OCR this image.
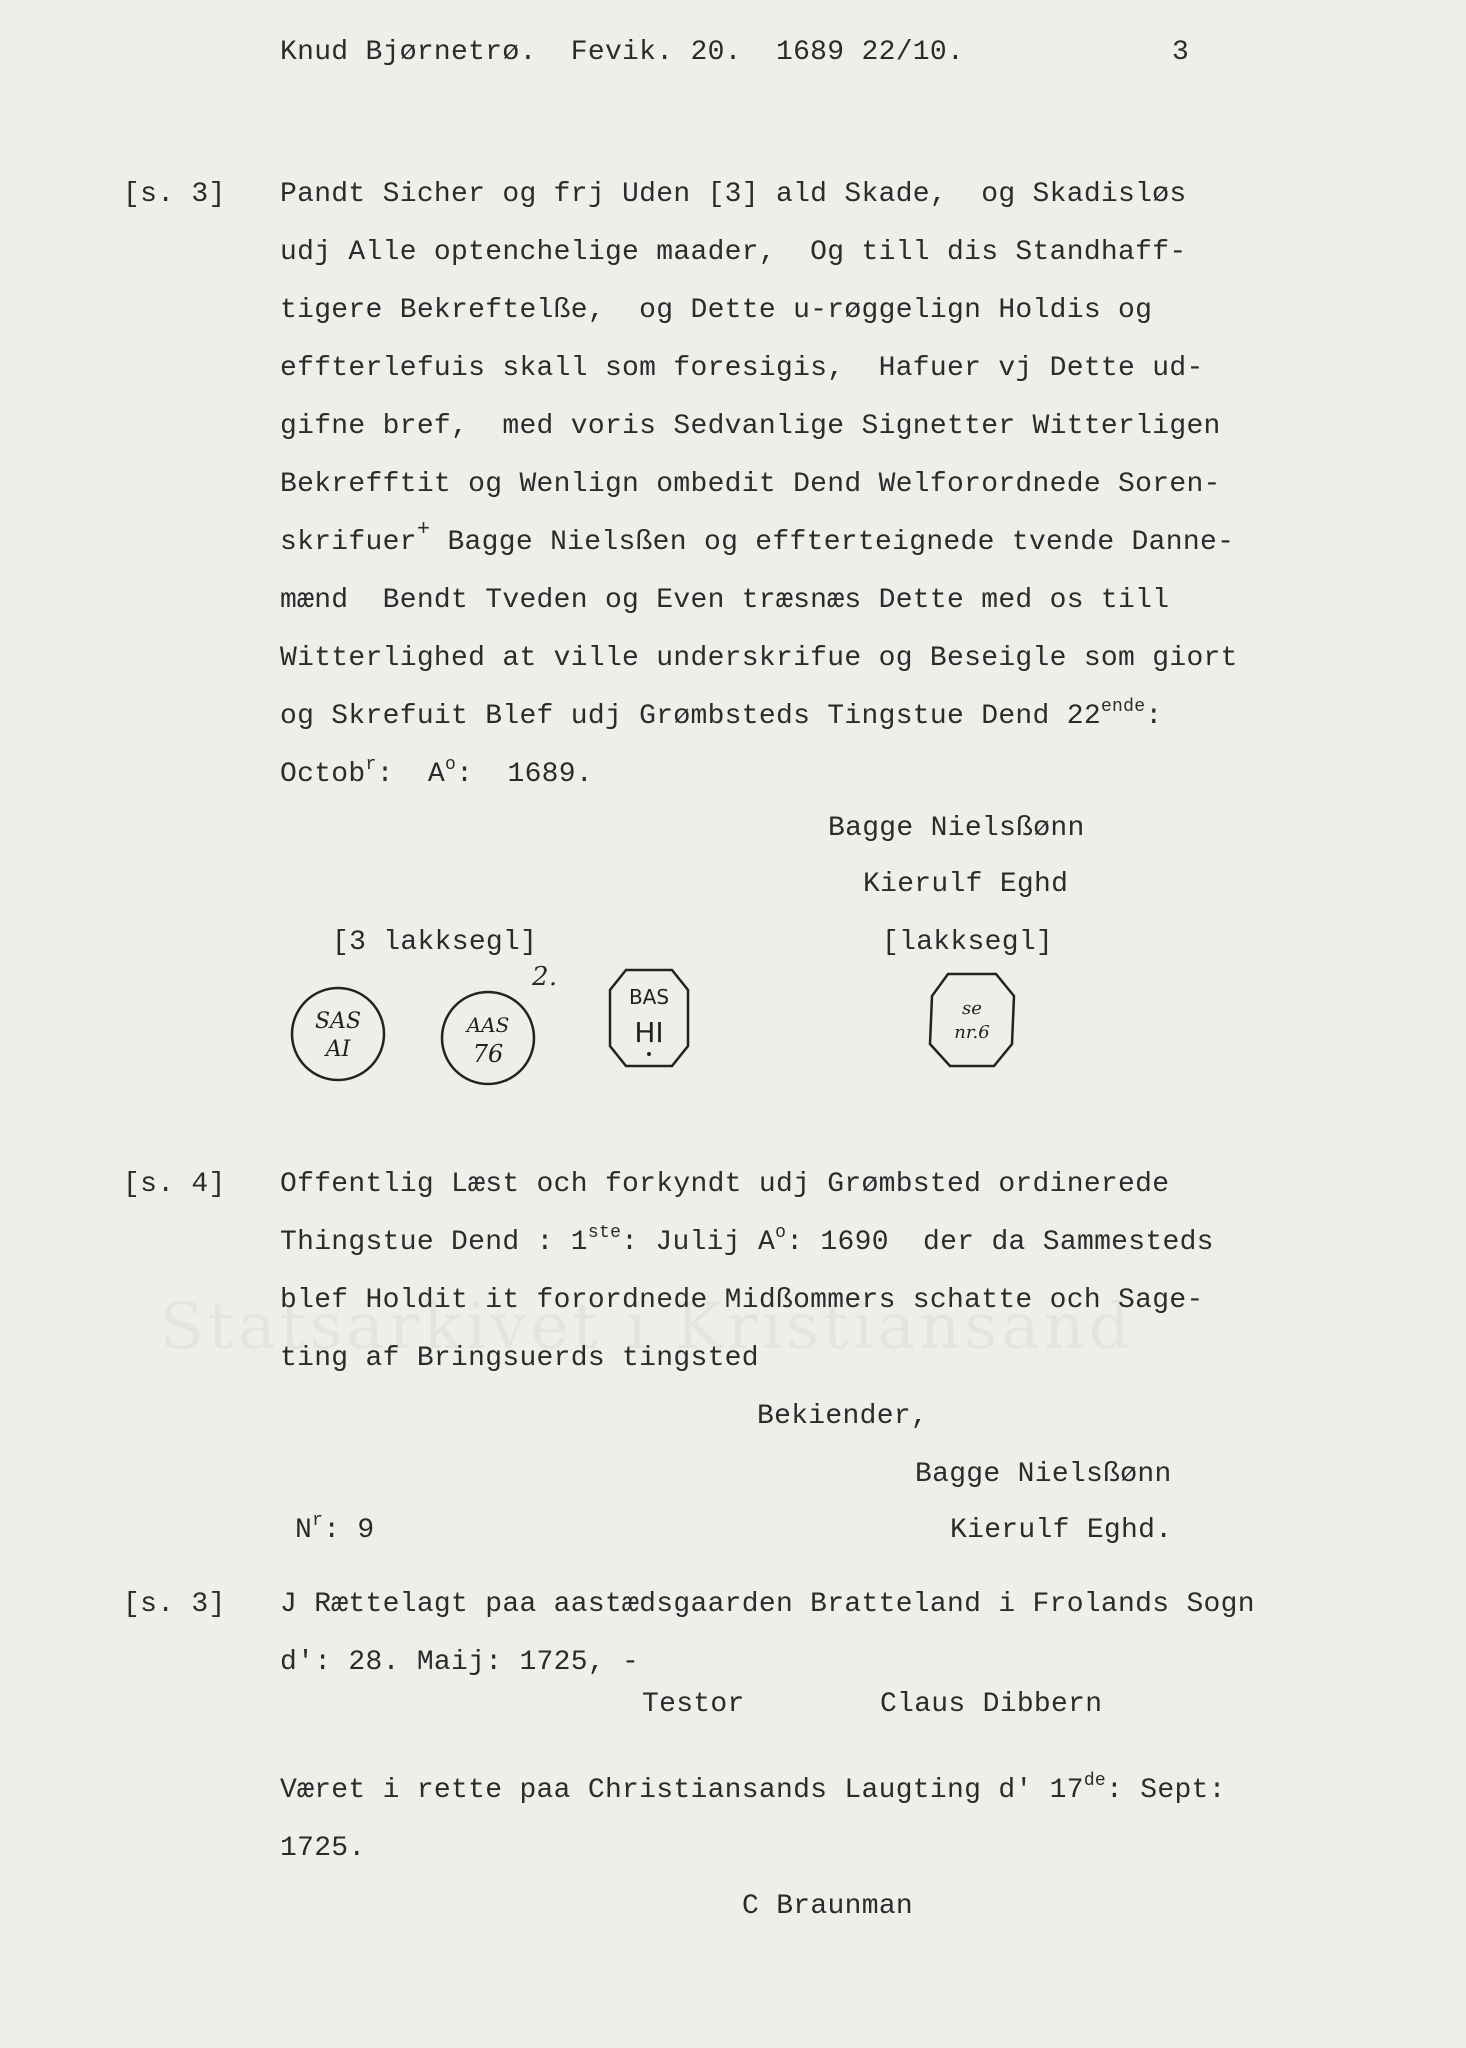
Knud Bjørnetrø.  Fevik. 20.  1689 22/10.	3
[s. 3] Pandt Sicher og frj Uden [3] ald Skade,  og Skadisløs
udj Alle optenchelige maader,  Og till dis Standhaff-
tigere Bekreftelße,  og Dette u-røggelign Holdis og
effterlefuis skall som foresigis,  Hafuer vj Dette ud-
gifne bref,  med voris Sedvanlige Signetter Witterligen
Bekrefftit og Wenlign ombedit Dend Welforordnede Soren-
skrifuer+ Bagge Nielsßen og effterteignede tvende Danne-
mænd  Bendt Tveden og Even træsnæs Dette med os till
Witterlighed at ville underskrifue og Beseigle som giort
og Skrefuit Blef udj Grømbsteds Tingstue Dend $22^{ende}$:
Octob$^r$:  $A^o$:  1689.
Bagge Nielsßønn
Kierulf Eghd
[3 lakksegl]	[lakksegl]
2.
SAS
AI
AAS
76
BAS
HI
se
nr.6
[s. 4] Offentlig Læst och forkyndt udj Grømbsted ordinerede
Thingstue Dend : 1ste: Julij $A^o$: 1690  der da Sammesteds
blef Holdit it forordnede Midßommers schatte och Sage-
ting af Bringsuerds tingsted
Bekiender,
Bagge Nielsßønn
$N^r$: 9	Kierulf Eghd.
[s. 3] J Rættelagt paa aastædsgaarden Bratteland i Frolands Sogn
d': 28. Maij: 1725, -
Testor	Claus Dibbern
Været i rette paa Christiansands Laugting d' 17de: Sept:
1725.
C Braunman
